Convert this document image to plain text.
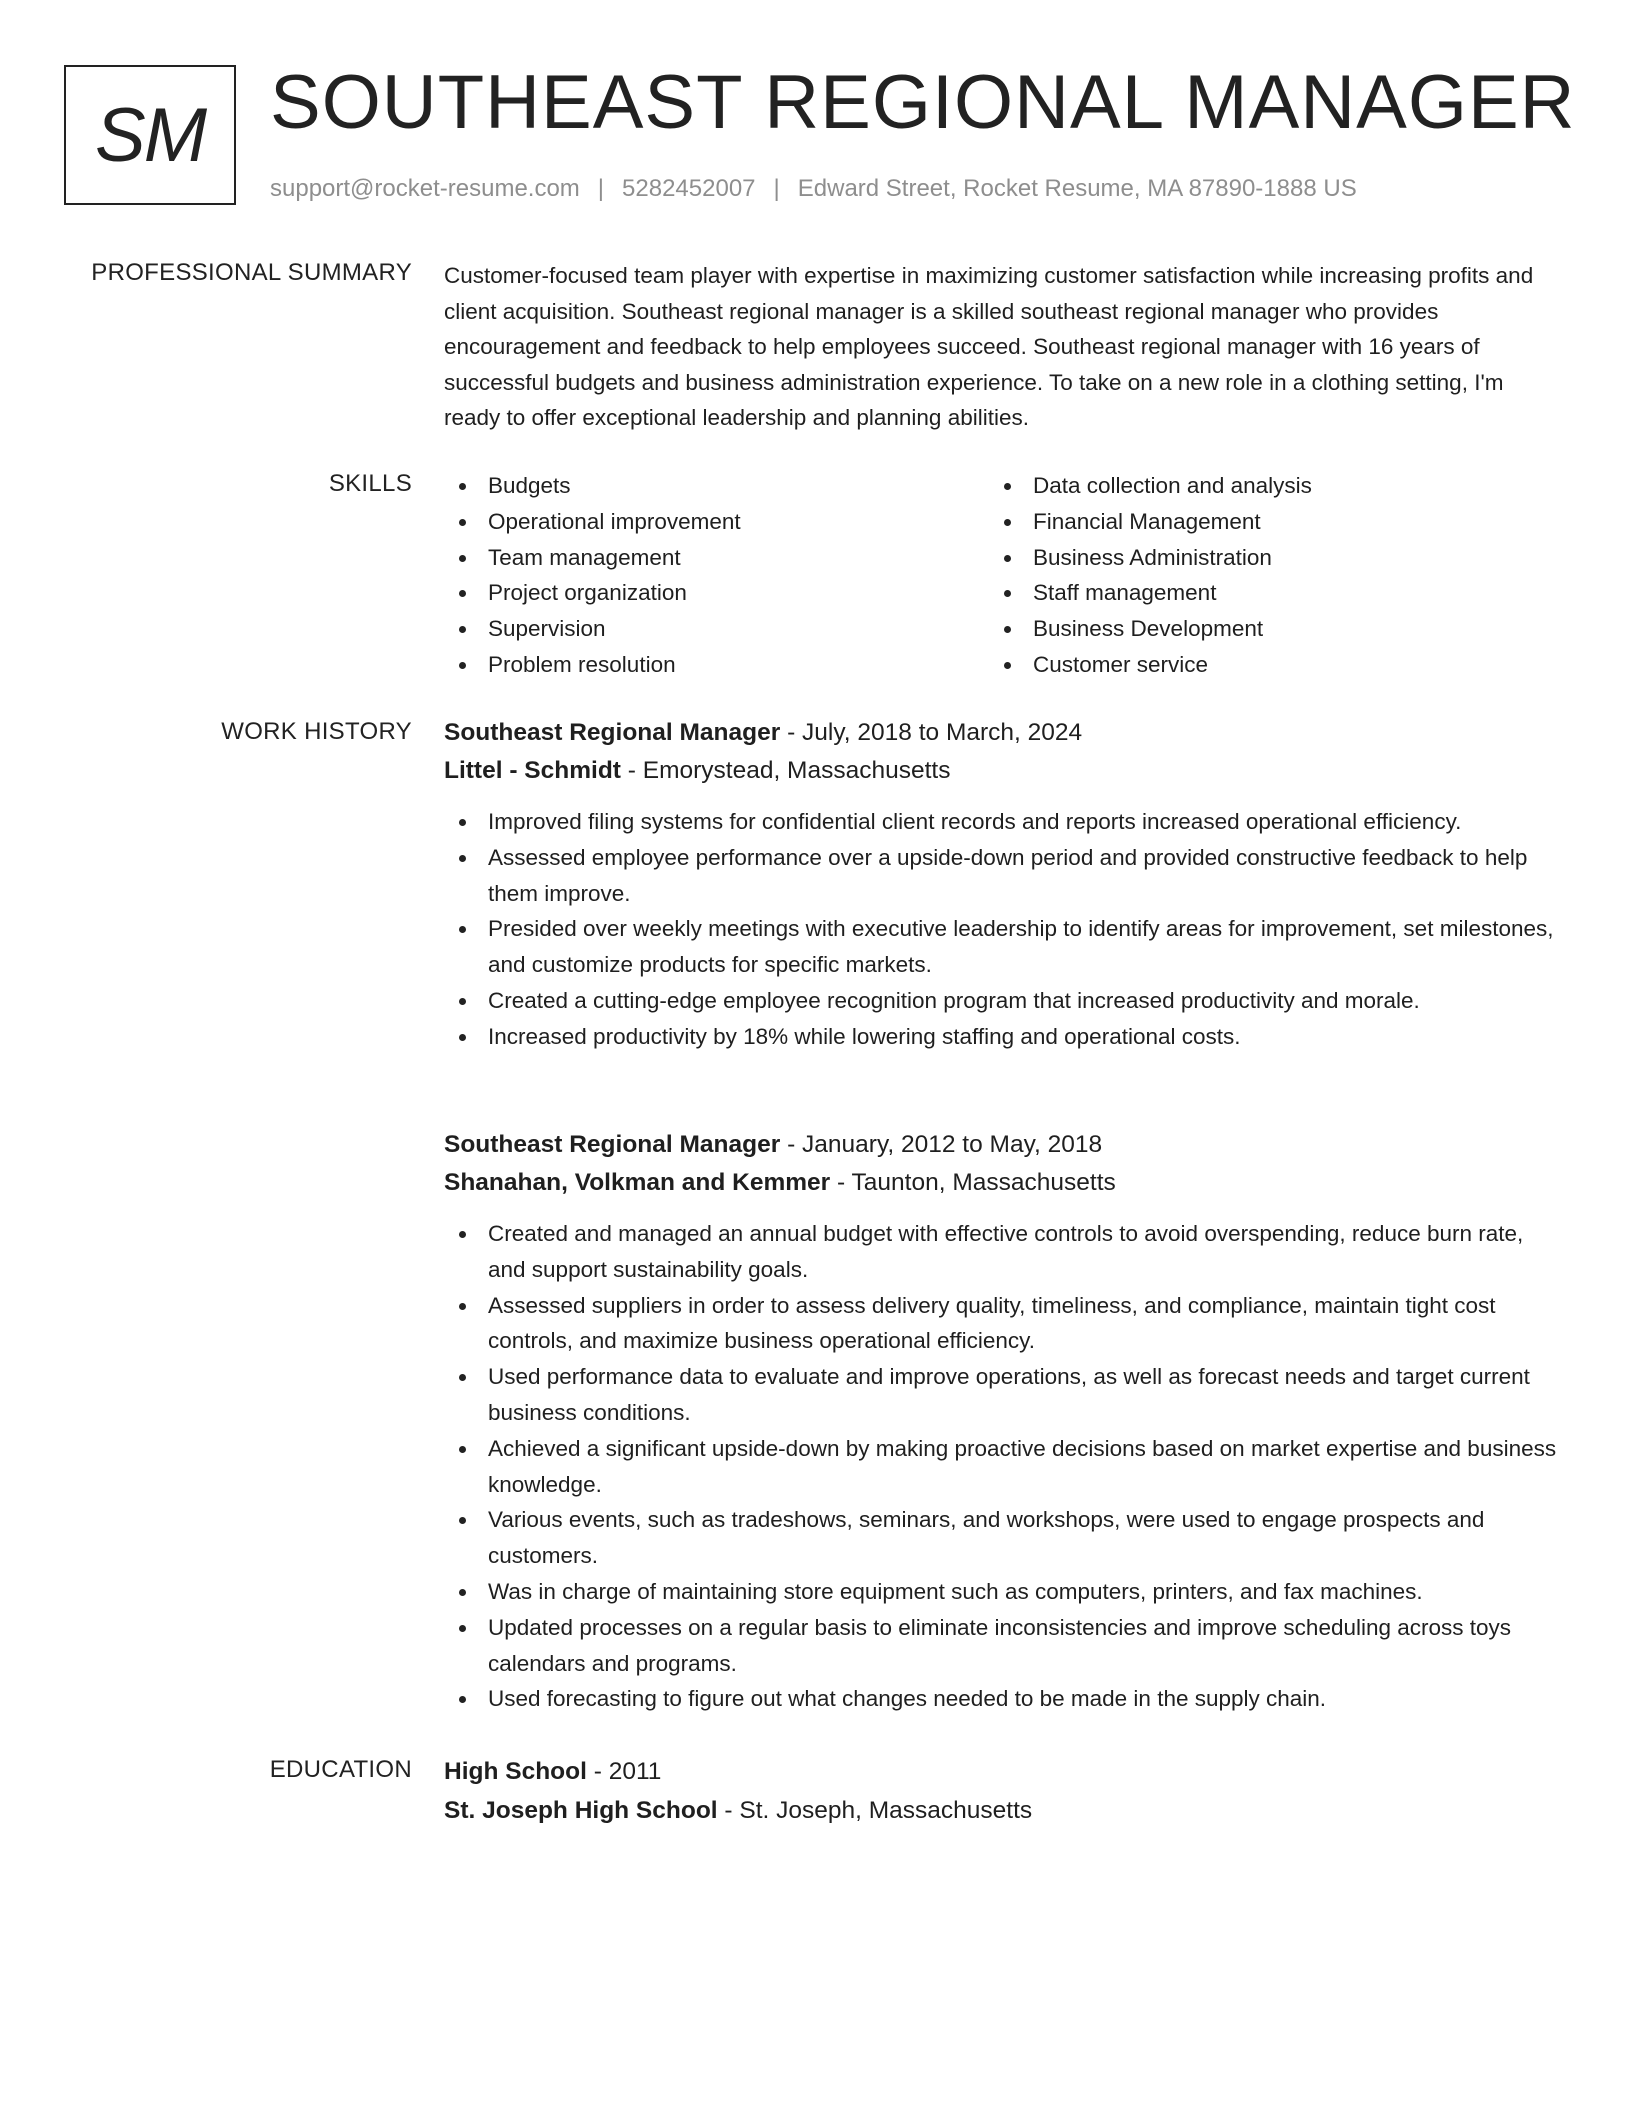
SM SOUTHEAST REGIONAL MANAGER
support@rocket-resume.com | 5282452007 | Edward Street, Rocket Resume, MA 87890-1888 US
PROFESSIONAL SUMMARY Customer-focused team player with expertise in maximizing customer satisfaction while increasing profits and client acquisition. Southeast regional manager is a skilled southeast regional manager who provides encouragement and feedback to help employees succeed. Southeast regional manager with 16 years of successful budgets and business administration experience. To take on a new role in a clothing setting, I'm ready to offer exceptional leadership and planning abilities.

SKILLS	Budgets
Operational improvement
Team management
Project organization
Supervision
Problem resolution
Data collection and analysis
Financial Management
Business Administration
Staff management
Business Development
Customer service
WORK HISTORY Southeast Regional Manager - July, 2018 to March, 2024
Littel - Schmidt - Emorystead, Massachusetts
Improved filing systems for confidential client records and reports increased operational efficiency.
Assessed employee performance over a upside-down period and provided constructive feedback to help them improve.
Presided over weekly meetings with executive leadership to identify areas for improvement, set milestones, and customize products for specific markets.
Created a cutting-edge employee recognition program that increased productivity and morale.
Increased productivity by 18% while lowering staffing and operational costs.
Southeast Regional Manager - January, 2012 to May, 2018
Shanahan, Volkman and Kemmer - Taunton, Massachusetts
Created and managed an annual budget with effective controls to avoid overspending, reduce burn rate, and support sustainability goals.
Assessed suppliers in order to assess delivery quality, timeliness, and compliance, maintain tight cost controls, and maximize business operational efficiency.
Used performance data to evaluate and improve operations, as well as forecast needs and target current business conditions.
Achieved a significant upside-down by making proactive decisions based on market expertise and business knowledge.
Various events, such as tradeshows, seminars, and workshops, were used to engage prospects and customers.
Was in charge of maintaining store equipment such as computers, printers, and fax machines.
Updated processes on a regular basis to eliminate inconsistencies and improve scheduling across toys calendars and programs.
Used forecasting to figure out what changes needed to be made in the supply chain.
EDUCATION High School - 2011
St. Joseph High School - St. Joseph, Massachusetts
